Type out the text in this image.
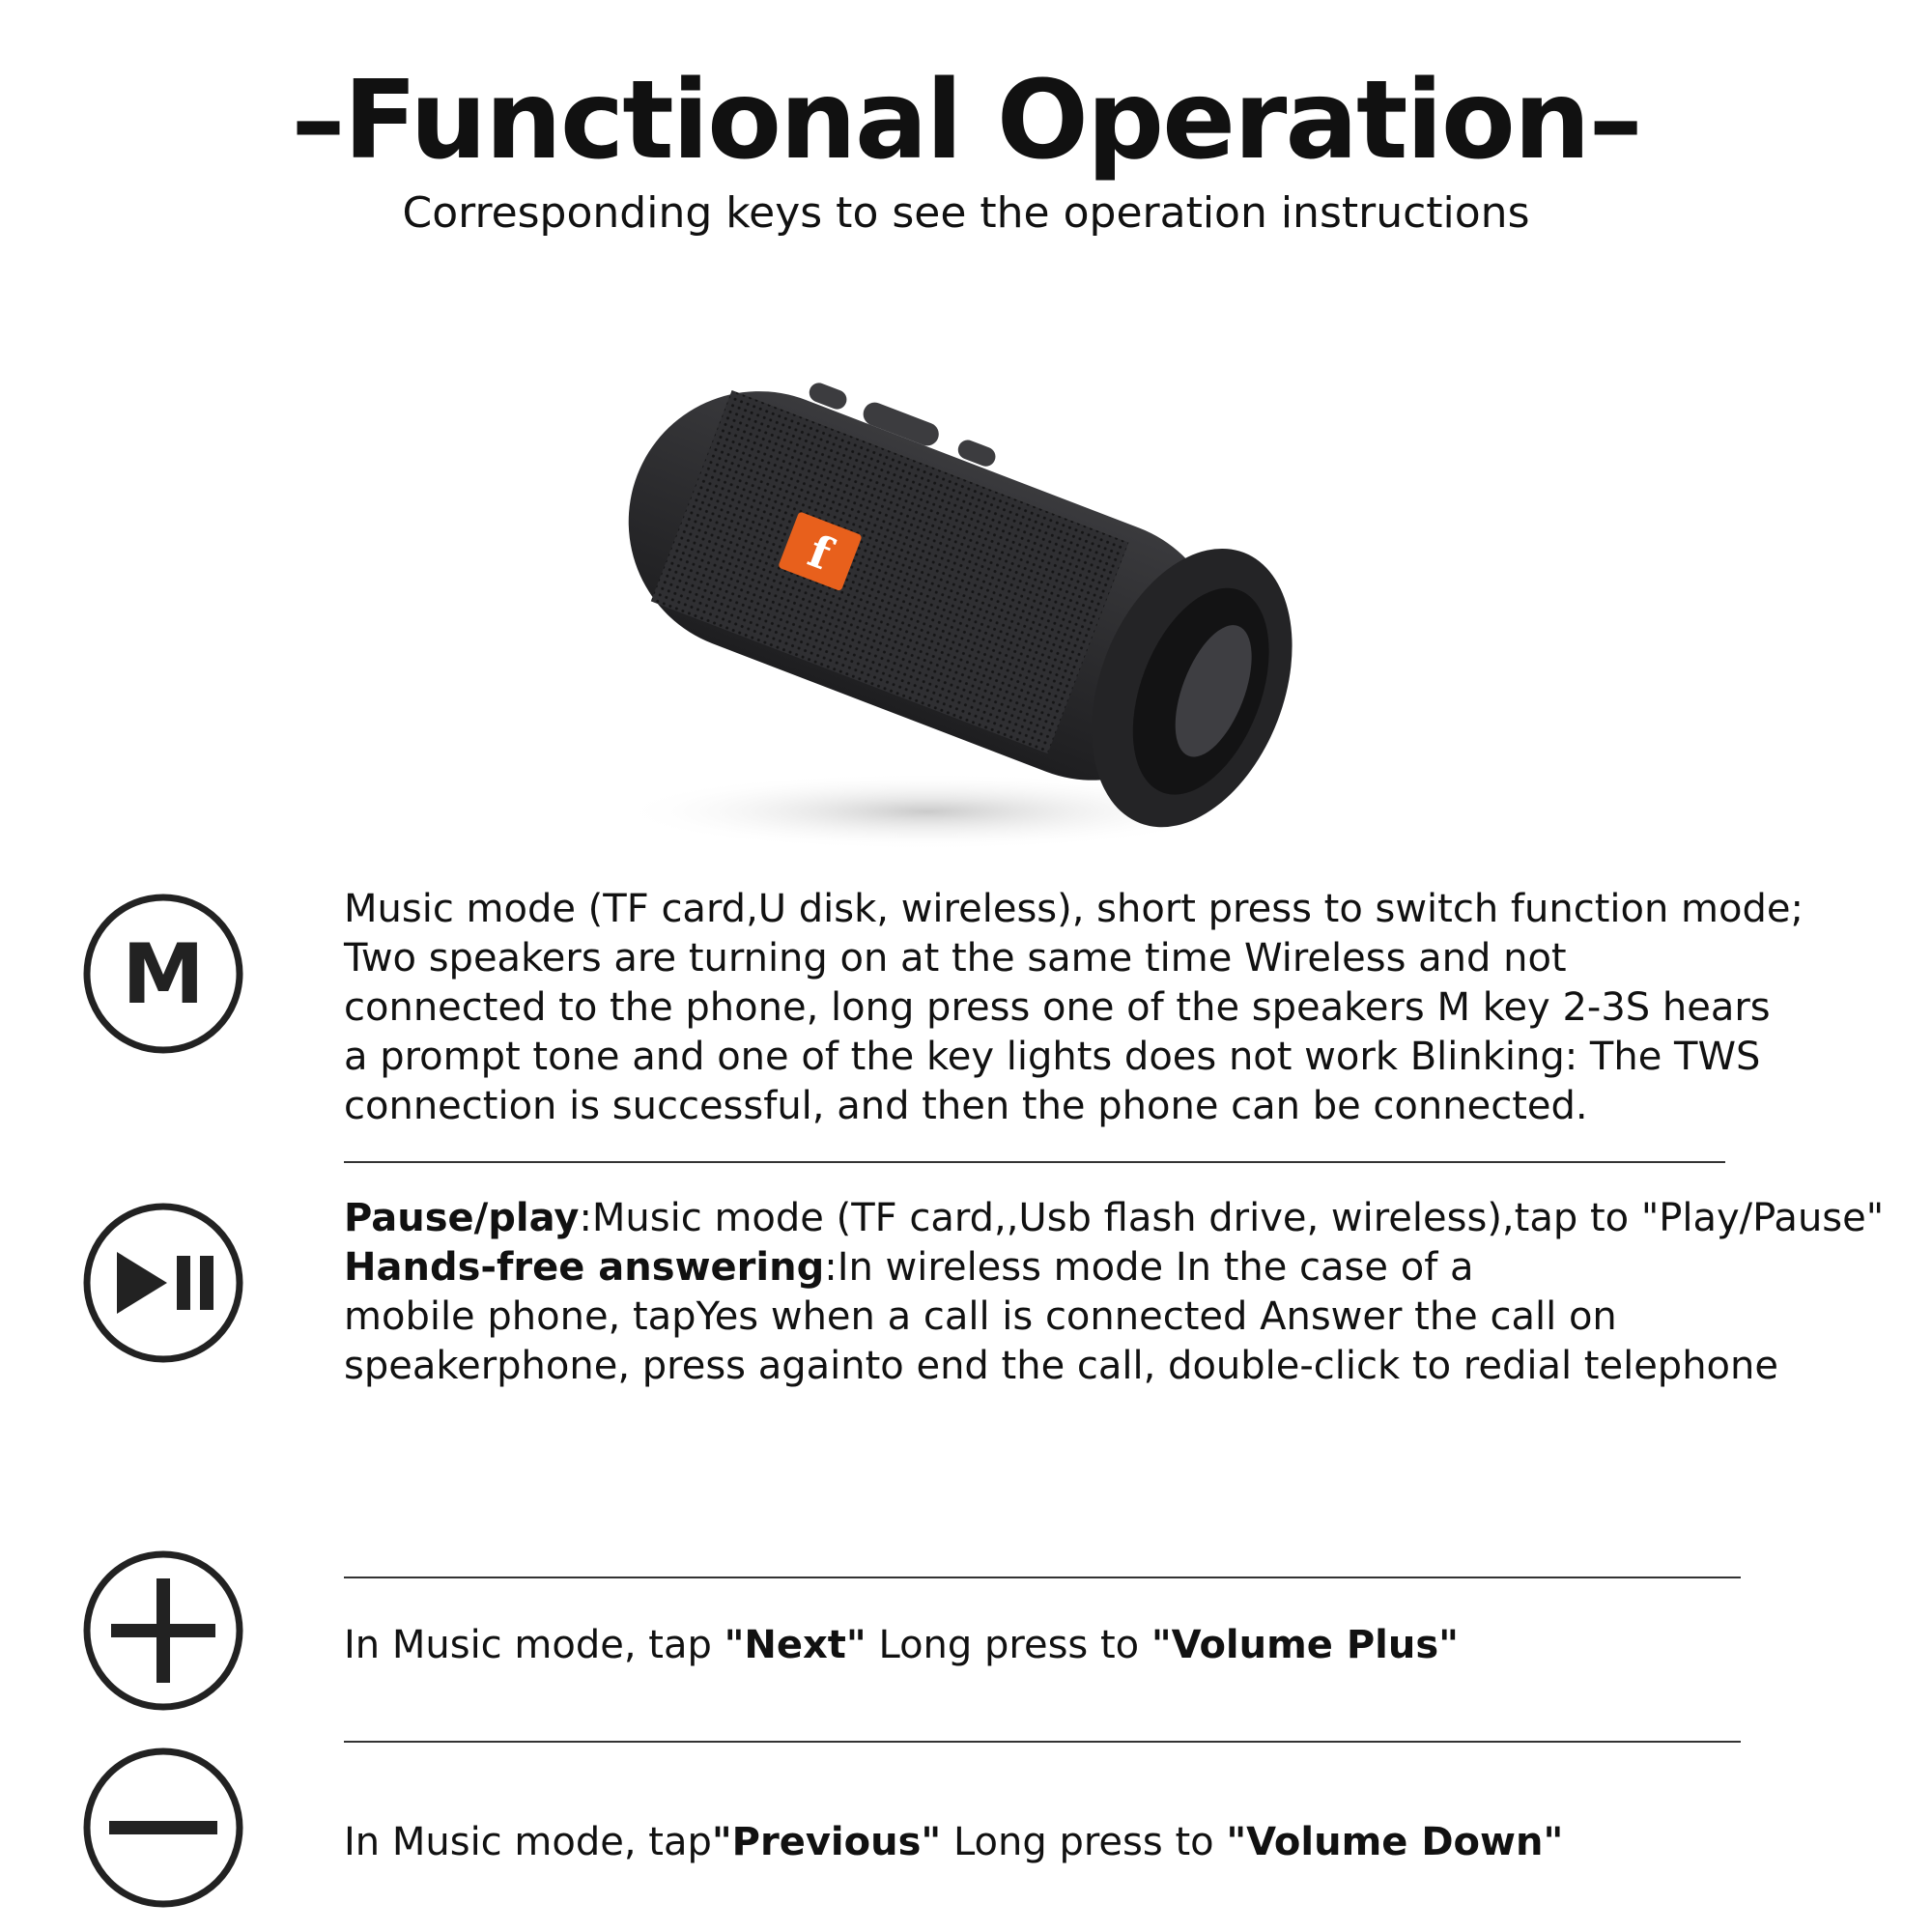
–Functional Operation–
Corresponding keys to see the operation instructions
f
M
Music mode (TF card,U disk, wireless), short press to switch function mode;
Two speakers are turning on at the same time Wireless and not
connected to the phone, long press one of the speakers M key 2-3S hears
a prompt tone and one of the key lights does not work Blinking: The TWS
connection is successful, and then the phone can be connected.
Pause/play:Music mode (TF card,,Usb flash drive, wireless),tap to "Play/Pause"
Hands-free answering:In wireless mode In the case of a
mobile phone, tapYes when a call is connected Answer the call on
speakerphone, press againto end the call, double-click to redial telephone
In Music mode, tap "Next" Long press to "Volume Plus"
In Music mode, tap"Previous" Long press to "Volume Down"
